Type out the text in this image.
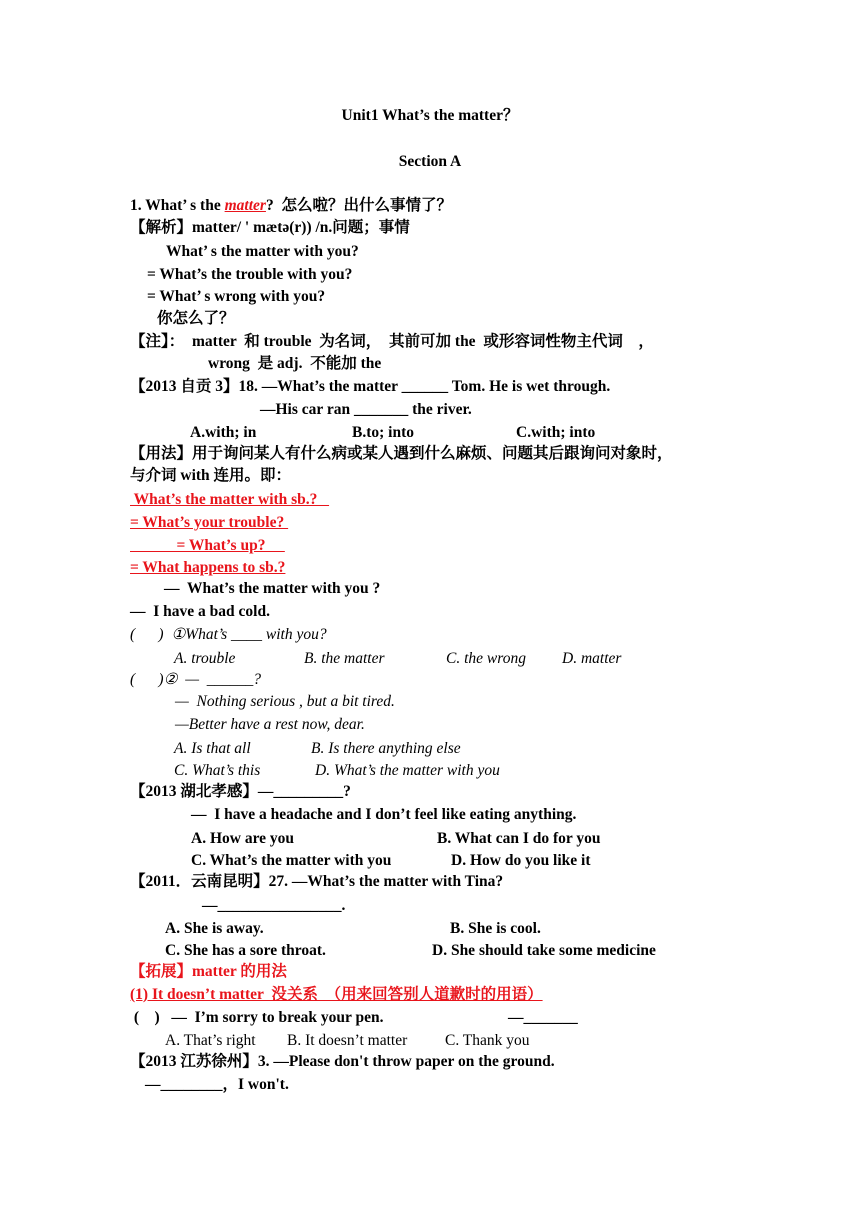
Unit1 What’s the matter？
Section A
1. What’ s the matter?  怎么啦？出什么事情了？
【解析】matter/ ' mætə(r)) /n.问题；事情
What’ s the matter with you?
= What’s the trouble with you?
= What’ s wrong with you?
你怎么了？
【注】：  matter  和 trouble  为名词，  其前可加 the  或形容词性物主代词    ，
wrong  是 adj.  不能加 the
【2013 自贡 3】18. —What’s the matter ______ Tom. He is wet through.
—His car ran _______ the river.
A.with; in	B.to; into	C.with; into
【用法】用于询问某人有什么病或某人遇到什么麻烦、问题其后跟询问对象时，
与介词 with 连用。即：
What’s the matter with sb.?
= What’s your trouble?
= What’s up?
= What happens to sb.?
—  What’s the matter with you ?
—  I have a bad cold.
(      )  ①What’s ____ with you?
A. trouble	B. the matter	C. the wrong D. matter
(      )②  —  ______?
—  Nothing serious , but a bit tired.
—Better have a rest now, dear.
A. Is that all	B. Is there anything else
C. What’s this	D. What’s the matter with you
【2013 湖北孝感】—_________?
—  I have a headache and I don’t feel like eating anything.
A. How are you	B. What can I do for you
C. What’s the matter with you	D. How do you like it
【2011．云南昆明】27. —What’s the matter with Tina?
—________________.
A. She is away.	B. She is cool.
C. She has a sore throat.	D. She should take some medicine
【拓展】matter 的用法
(1) It doesn’t matter  没关系  （用来回答别人道歉时的用语）
(    )   —  I’m sorry to break your pen.	—_______
A. That’s right B. It doesn’t matter C. Thank you
【2013 江苏徐州】3. —Please don't throw paper on the ground.
—________，I won't.
